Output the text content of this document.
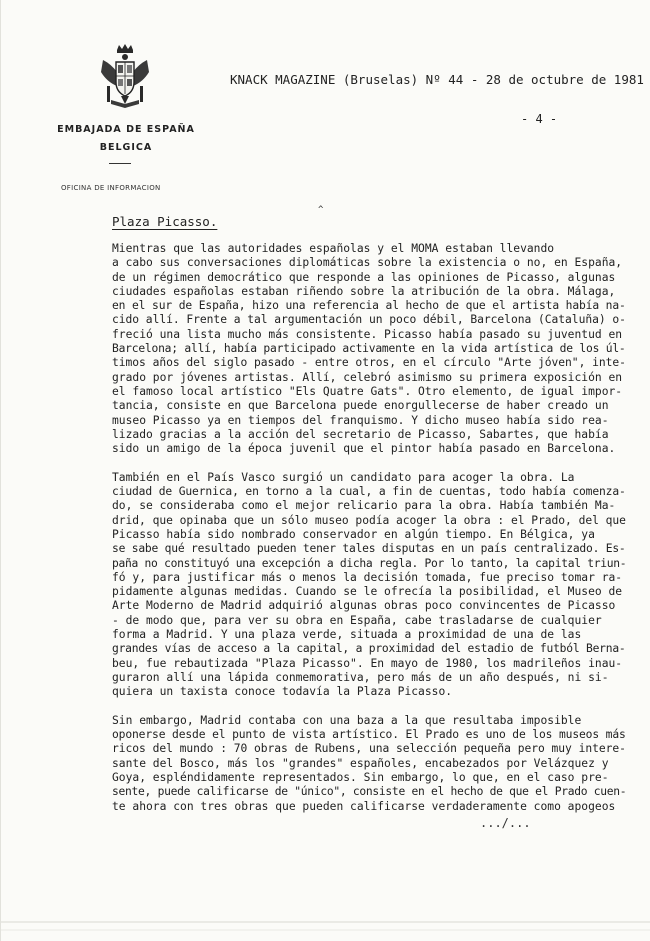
EMBAJADA DE ESPAÑA
BELGICA
OFICINA DE INFORMACION
KNACK MAGAZINE (Bruselas) Nº 44 - 28 de octubre de 1981
- 4 -
^
Plaza Picasso.
Mientras que las autoridades españolas y el MOMA estaban llevando
a cabo sus conversaciones diplomáticas sobre la existencia o no, en España,
de un régimen democrático que responde a las opiniones de Picasso, algunas
ciudades españolas estaban riñendo sobre la atribución de la obra. Málaga,
en el sur de España, hizo una referencia al hecho de que el artista había na-
cido allí. Frente a tal argumentación un poco débil, Barcelona (Cataluña) o-
freció una lista mucho más consistente. Picasso había pasado su juventud en
Barcelona; allí, había participado activamente en la vida artística de los úl-
timos años del siglo pasado - entre otros, en el círculo "Arte jóven", inte-
grado por jóvenes artistas. Allí, celebró asimismo su primera exposición en
el famoso local artístico "Els Quatre Gats". Otro elemento, de igual impor-
tancia, consiste en que Barcelona puede enorgullecerse de haber creado un
museo Picasso ya en tiempos del franquismo. Y dicho museo había sido rea-
lizado gracias a la acción del secretario de Picasso, Sabartes, que había
sido un amigo de la época juvenil que el pintor había pasado en Barcelona.
También en el País Vasco surgió un candidato para acoger la obra. La
ciudad de Guernica, en torno a la cual, a fin de cuentas, todo había comenza-
do, se consideraba como el mejor relicario para la obra. Había también Ma-
drid, que opinaba que un sólo museo podía acoger la obra : el Prado, del que
Picasso había sido nombrado conservador en algún tiempo. En Bélgica, ya
se sabe qué resultado pueden tener tales disputas en un país centralizado. Es-
paña no constituyó una excepción a dicha regla. Por lo tanto, la capital triun-
fó y, para justificar más o menos la decisión tomada, fue preciso tomar ra-
pidamente algunas medidas. Cuando se le ofrecía la posibilidad, el Museo de
Arte Moderno de Madrid adquirió algunas obras poco convincentes de Picasso
- de modo que, para ver su obra en España, cabe trasladarse de cualquier
forma a Madrid. Y una plaza verde, situada a proximidad de una de las
grandes vías de acceso a la capital, a proximidad del estadio de futból Berna-
beu, fue rebautizada "Plaza Picasso". En mayo de 1980, los madrileños inau-
guraron allí una lápida conmemorativa, pero más de un año después, ni si-
quiera un taxista conoce todavía la Plaza Picasso.
Sin embargo, Madrid contaba con una baza a la que resultaba imposible
oponerse desde el punto de vista artístico. El Prado es uno de los museos más
ricos del mundo : 70 obras de Rubens, una selección pequeña pero muy intere-
sante del Bosco, más los "grandes" españoles, encabezados por Velázquez y
Goya, espléndidamente representados. Sin embargo, lo que, en el caso pre-
sente, puede calificarse de "único", consiste en el hecho de que el Prado cuen-
te ahora con tres obras que pueden calificarse verdaderamente como apogeos
.../...
